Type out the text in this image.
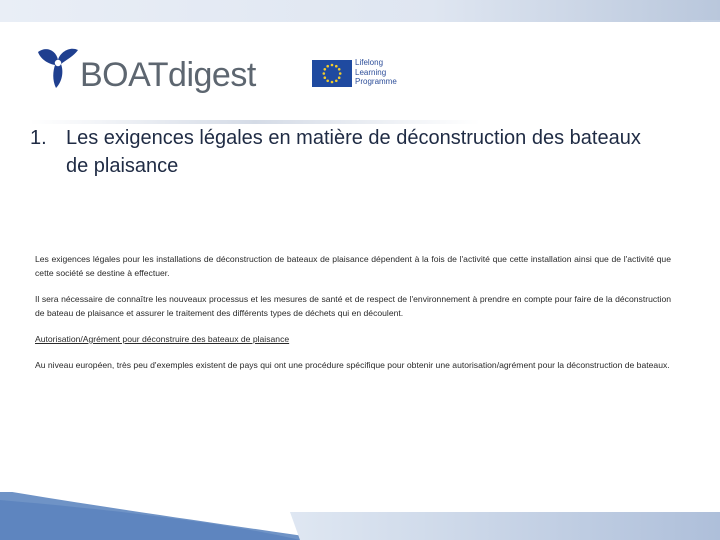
BOATdigest	Lifelong
Learning
Programme
1. Les exigences légales en matière de déconstruction des bateaux de plaisance

Les exigences légales pour les installations de déconstruction de bateaux de plaisance dépendent à la fois de l'activité que cette installation ainsi que de l'activité que cette société se destine à effectuer.

Il sera nécessaire de connaître les nouveaux processus et les mesures de santé et de respect de l'environnement à prendre en compte pour faire de la déconstruction de bateau de plaisance et assurer le traitement des différents types de déchets qui en découlent.

Autorisation/Agrément pour déconstruire des bateaux de plaisance

Au niveau européen, très peu d'exemples existent de pays qui ont une procédure spécifique pour obtenir une autorisation/agrément pour la déconstruction de bateaux.
